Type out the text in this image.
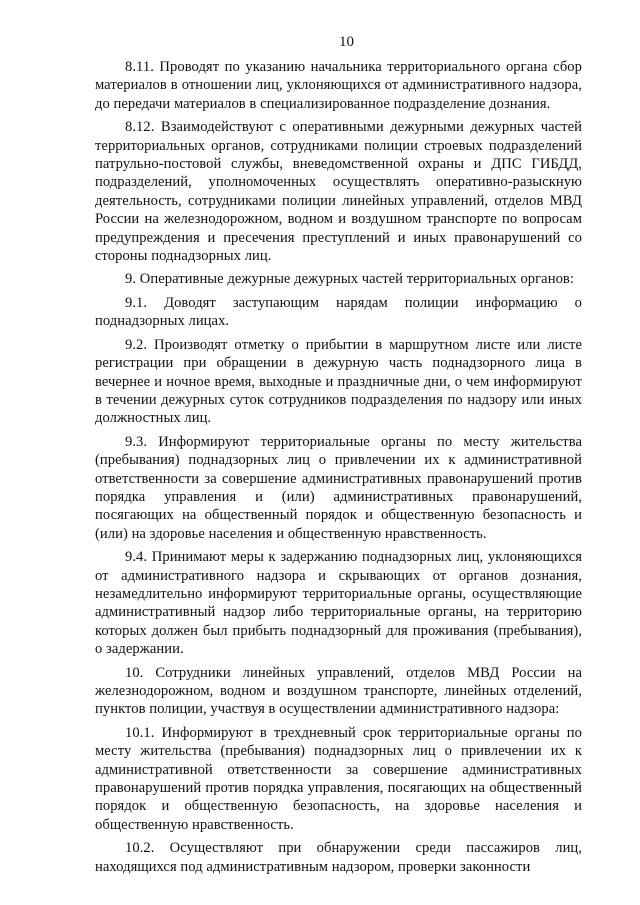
10

8.11. Проводят по указанию начальника территориального органа сбор материалов в отношении лиц, уклоняющихся от административного надзора, до передачи материалов в специализированное подразделение дознания.

8.12. Взаимодействуют с оперативными дежурными дежурных частей территориальных органов, сотрудниками полиции строевых подразделений патрульно-постовой службы, вневедомственной охраны и ДПС ГИБДД, подразделений, уполномоченных осуществлять оперативно-разыскную деятельность, сотрудниками полиции линейных управлений, отделов МВД России на железнодорожном, водном и воздушном транспорте по вопросам предупреждения и пресечения преступлений и иных правонарушений со стороны поднадзорных лиц.

9. Оперативные дежурные дежурных частей территориальных органов:

9.1. Доводят заступающим нарядам полиции информацию о поднадзорных лицах.

9.2. Производят отметку о прибытии в маршрутном листе или листе регистрации при обращении в дежурную часть поднадзорного лица в вечернее и ночное время, выходные и праздничные дни, о чем информируют в течении дежурных суток сотрудников подразделения по надзору или иных должностных лиц.

9.3. Информируют территориальные органы по месту жительства (пребывания) поднадзорных лиц о привлечении их к административной ответственности за совершение административных правонарушений против порядка управления и (или) административных правонарушений, посягающих на общественный порядок и общественную безопасность и (или) на здоровье населения и общественную нравственность.

9.4. Принимают меры к задержанию поднадзорных лиц, уклоняющихся от административного надзора и скрывающих от органов дознания, незамедлительно информируют территориальные органы, осуществляющие административный надзор либо территориальные органы, на территорию которых должен был прибыть поднадзорный для проживания (пребывания), о задержании.

10. Сотрудники линейных управлений, отделов МВД России на железнодорожном, водном и воздушном транспорте, линейных отделений, пунктов полиции, участвуя в осуществлении административного надзора:

10.1. Информируют в трехдневный срок территориальные органы по месту жительства (пребывания) поднадзорных лиц о привлечении их к административной ответственности за совершение административных правонарушений против порядка управления, посягающих на общественный порядок и общественную безопасность, на здоровье населения и общественную нравственность.

10.2. Осуществляют при обнаружении среди пассажиров лиц, находящихся под административным надзором, проверки законности
